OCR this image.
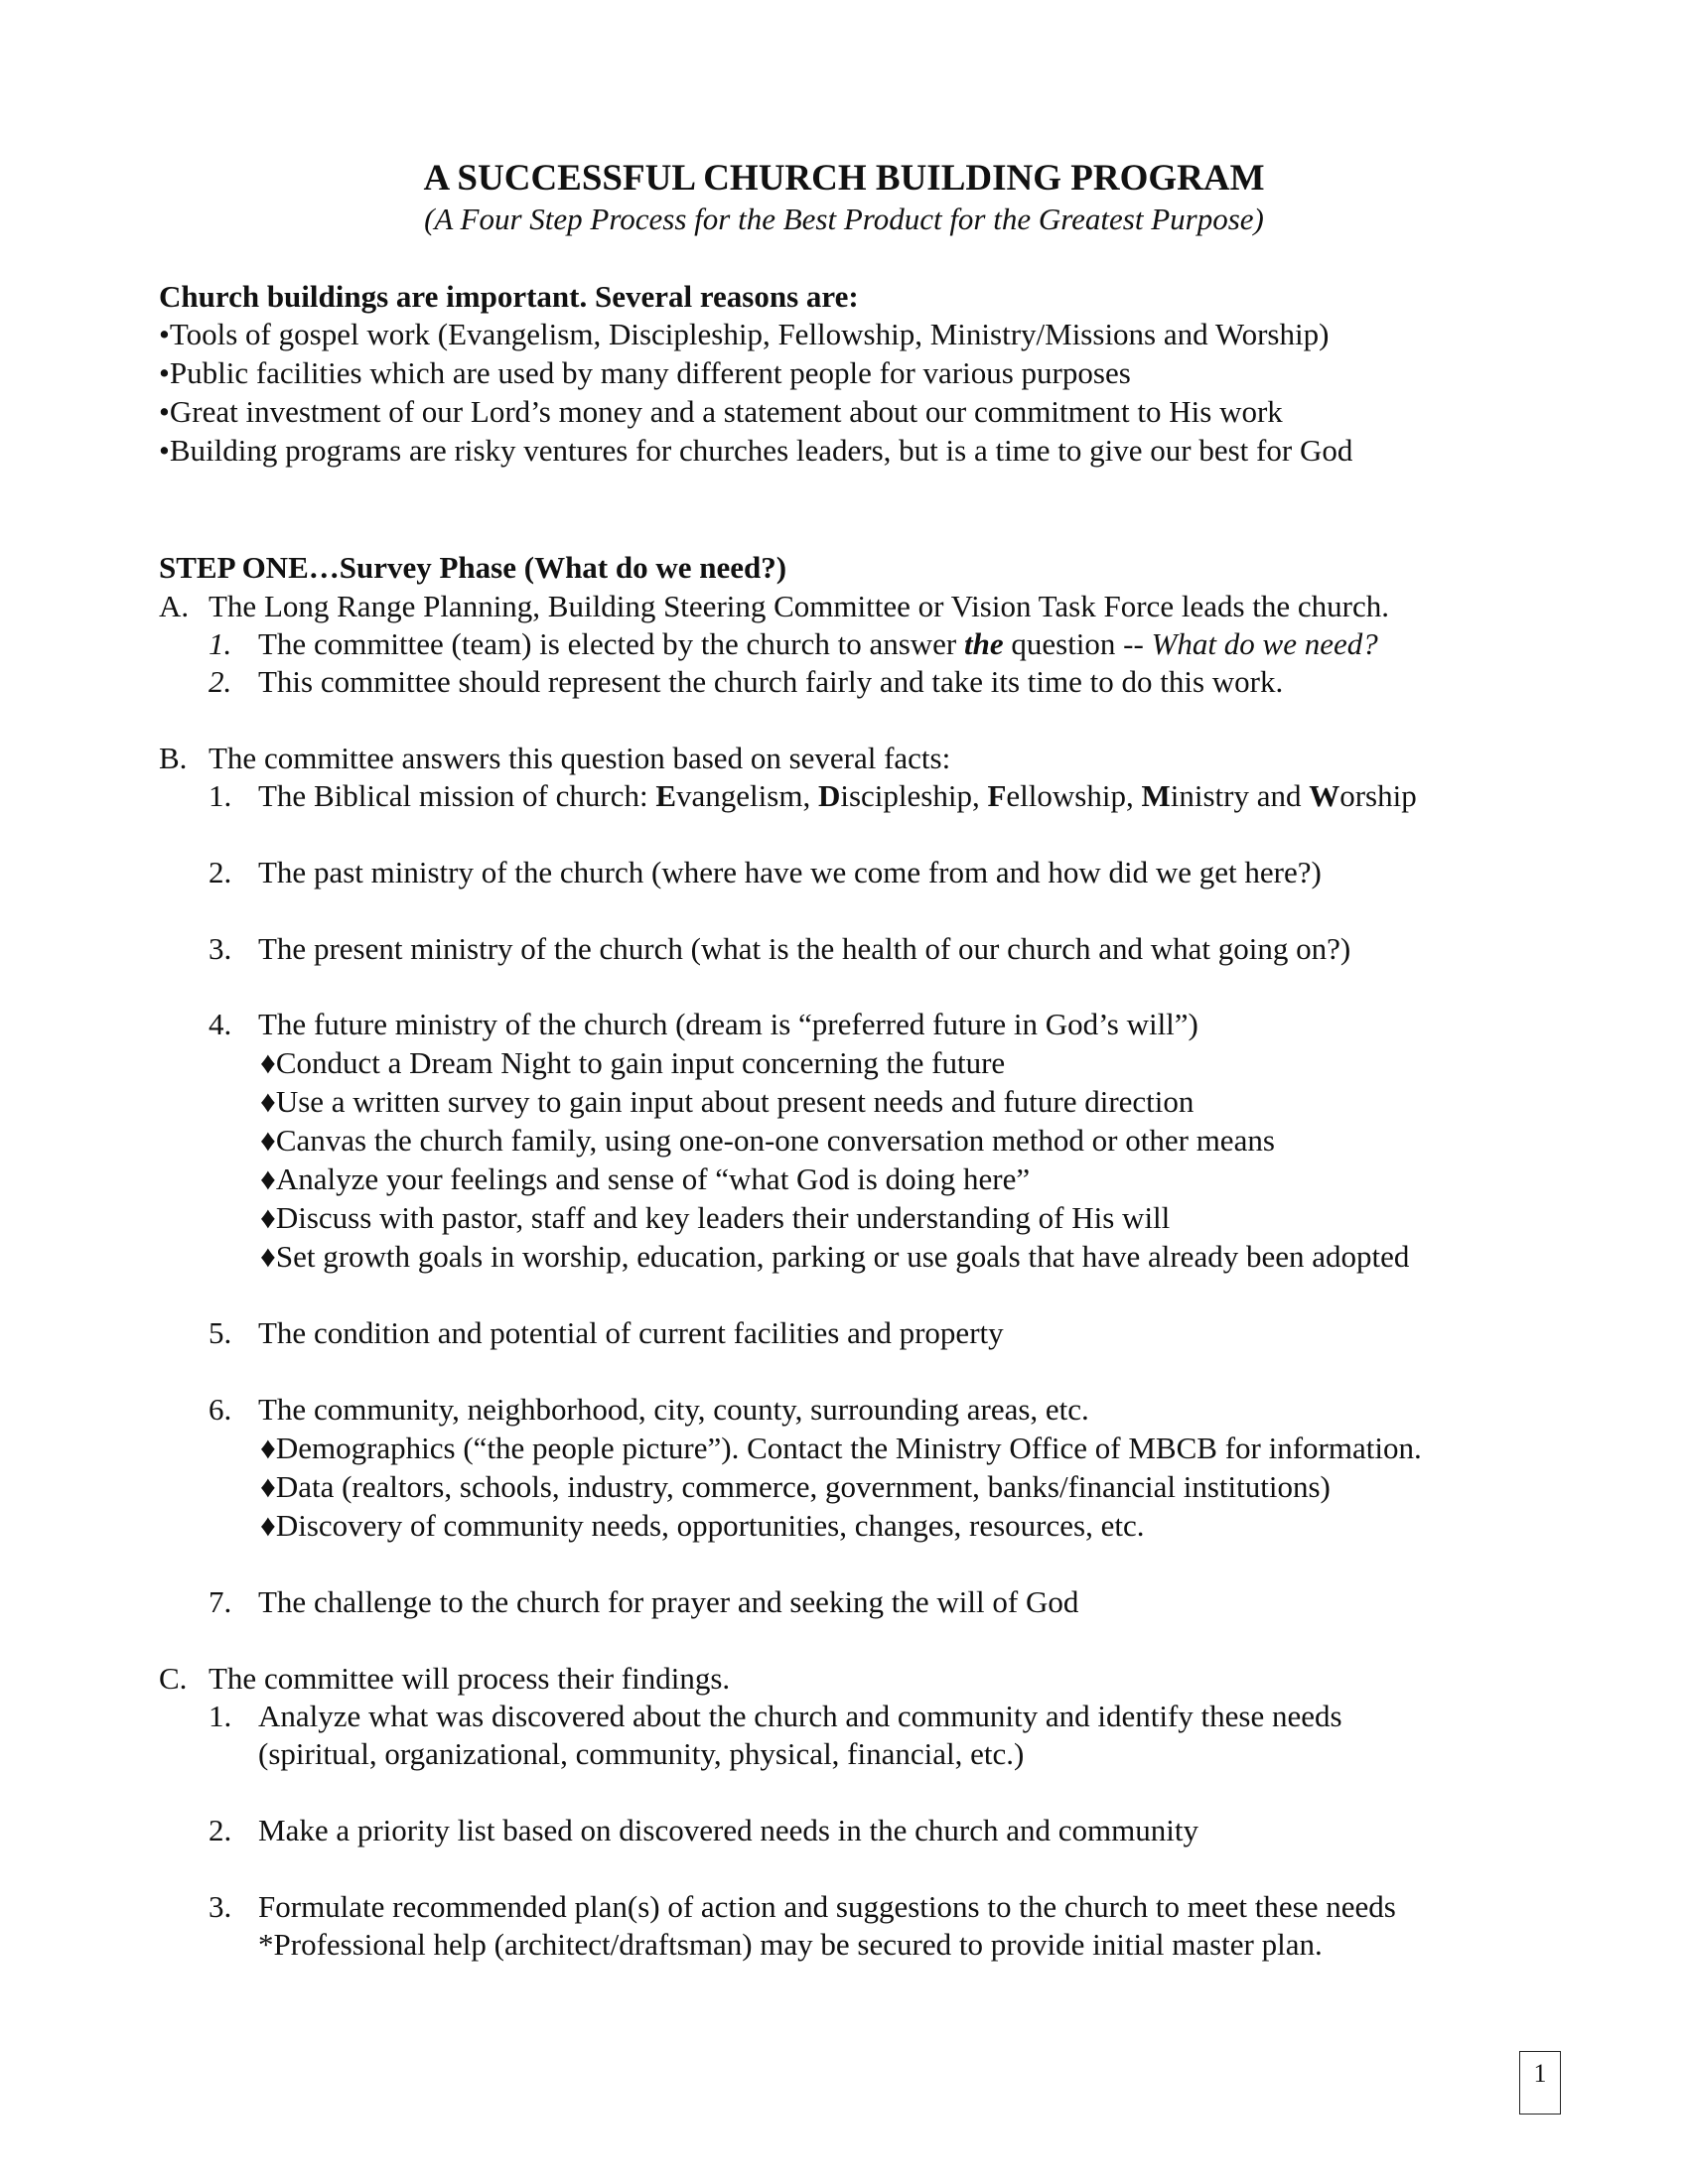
A SUCCESSFUL CHURCH BUILDING PROGRAM
(A Four Step Process for the Best Product for the Greatest Purpose)
Church buildings are important. Several reasons are:
•Tools of gospel work (Evangelism, Discipleship, Fellowship, Ministry/Missions and Worship)
•Public facilities which are used by many different people for various purposes
•Great investment of our Lord’s money and a statement about our commitment to His work
•Building programs are risky ventures for churches leaders, but is a time to give our best for God
STEP ONE…Survey Phase (What do we need?)
A. The Long Range Planning, Building Steering Committee or Vision Task Force leads the church.
1. The committee (team) is elected by the church to answer the question -- What do we need?
2. This committee should represent the church fairly and take its time to do this work.
B. The committee answers this question based on several facts:
1. The Biblical mission of church: Evangelism, Discipleship, Fellowship, Ministry and Worship
2. The past ministry of the church (where have we come from and how did we get here?)
3. The present ministry of the church (what is the health of our church and what going on?)
4. The future ministry of the church (dream is “preferred future in God’s will”)
♦Conduct a Dream Night to gain input concerning the future
♦Use a written survey to gain input about present needs and future direction
♦Canvas the church family, using one-on-one conversation method or other means
♦Analyze your feelings and sense of “what God is doing here”
♦Discuss with pastor, staff and key leaders their understanding of His will
♦Set growth goals in worship, education, parking or use goals that have already been adopted
5. The condition and potential of current facilities and property
6. The community, neighborhood, city, county, surrounding areas, etc.
♦Demographics (“the people picture”). Contact the Ministry Office of MBCB for information.
♦Data (realtors, schools, industry, commerce, government, banks/financial institutions)
♦Discovery of community needs, opportunities, changes, resources, etc.
7. The challenge to the church for prayer and seeking the will of God
C. The committee will process their findings.
1. Analyze what was discovered about the church and community and identify these needs
(spiritual, organizational, community, physical, financial, etc.)
2. Make a priority list based on discovered needs in the church and community
3. Formulate recommended plan(s) of action and suggestions to the church to meet these needs
*Professional help (architect/draftsman) may be secured to provide initial master plan.
1
